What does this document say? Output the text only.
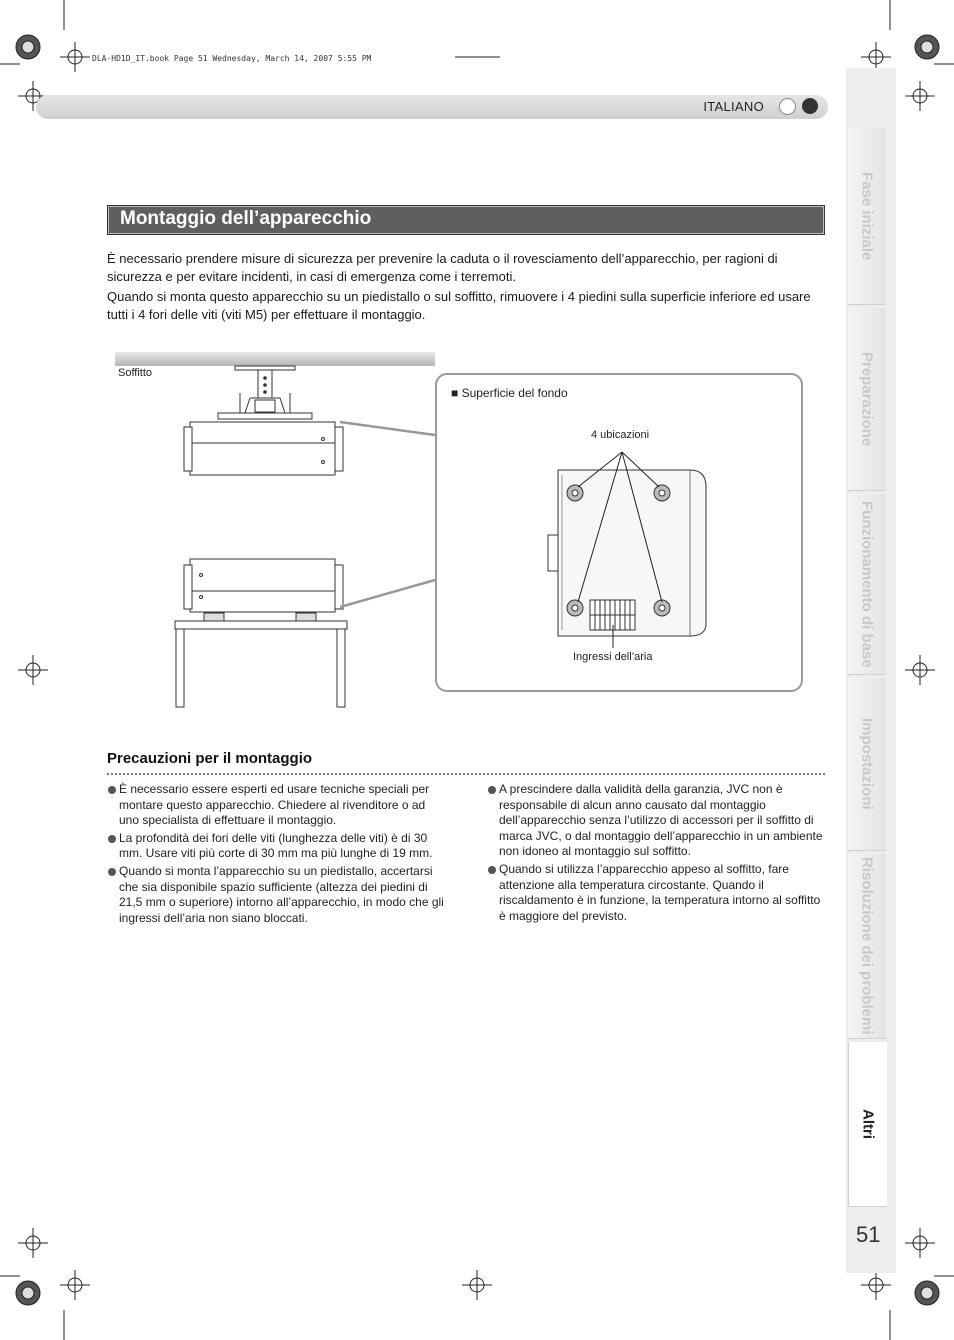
DLA-HD1D_IT.book Page 51 Wednesday, March 14, 2007 5:55 PM
ITALIANO
Fase iniziale
Preparazione
Funzionamento di base
Impostazioni
Risoluzione dei problemi
Altri
51
Montaggio dell’apparecchio
È necessario prendere misure di sicurezza per prevenire la caduta o il rovesciamento dell’apparecchio, per ragioni di sicurezza e per evitare incidenti, in casi di emergenza come i terremoti.
Quando si monta questo apparecchio su un piedistallo o sul soffitto, rimuovere i 4 piedini sulla superficie inferiore ed usare tutti i 4 fori delle viti (viti M5) per effettuare il montaggio.
Soffitto
■ Superficie del fondo
4 ubicazioni
Ingressi dell’aria
Precauzioni per il montaggio
È necessario essere esperti ed usare tecniche speciali per montare questo apparecchio. Chiedere al rivenditore o ad uno specialista di effettuare il montaggio.
La profondità dei fori delle viti (lunghezza delle viti) è di 30 mm. Usare viti più corte di 30 mm ma più lunghe di 19 mm.
Quando si monta l’apparecchio su un piedistallo, accertarsi che sia disponibile spazio sufficiente (altezza dei piedini di 21,5 mm o superiore) intorno all’apparecchio, in modo che gli ingressi dell’aria non siano bloccati.
A prescindere dalla validità della garanzia, JVC non è responsabile di alcun anno causato dal montaggio dell’apparecchio senza l’utilizzo di accessori per il soffitto di marca JVC, o dal montaggio dell’apparecchio in un ambiente non idoneo al montaggio sul soffitto.
Quando si utilizza l’apparecchio appeso al soffitto, fare attenzione alla temperatura circostante. Quando il riscaldamento è in funzione, la temperatura intorno al soffitto è maggiore del previsto.
